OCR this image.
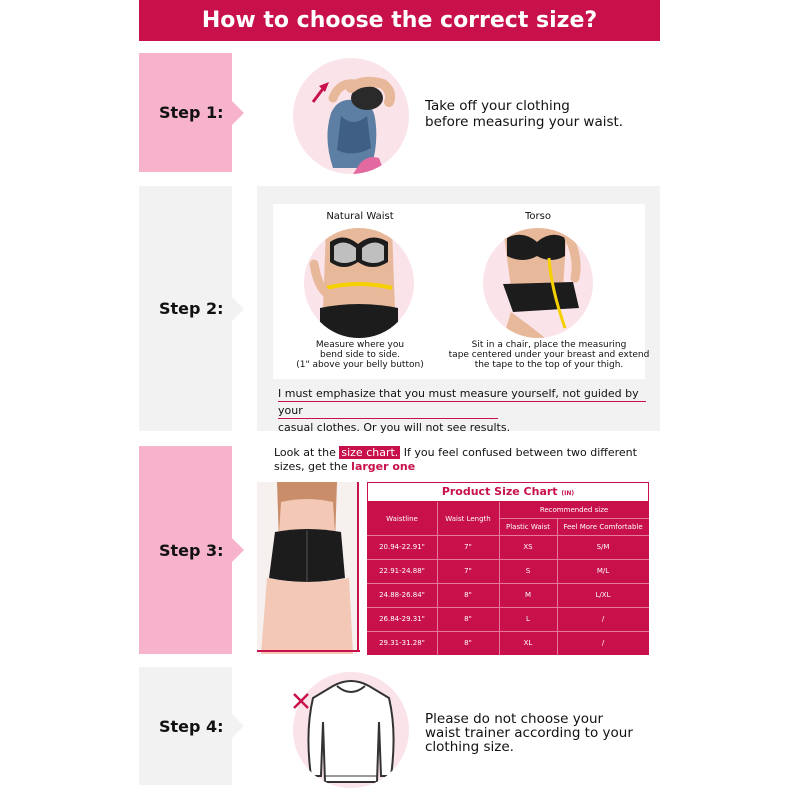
How to choose the correct size?
Step 1:	Take off your clothing
before measuring your waist.
Step 2:
Natural Waist
Measure where you
bend side to side.
(1" above your belly button)
Torso
Sit in a chair, place the measuring
tape centered under your breast and extend
the tape to the top of your thigh.
I must emphasize that you must measure yourself, not guided by your
casual clothes. Or you will not see results.
Step 3:
Look at the size chart. If you feel confused between two different
sizes, get the larger one
Product Size Chart (IN)
Waistline	Waist Length
Recommended size
Plastic Waist	Feel More Comfortable
20.94-22.91"	7"	XS	S/M
22.91-24.88"	7"	S	M/L
24.88-26.84"	8"	M	L/XL
26.84-29.31"	8"	L	/
29.31-31.28"	8"	XL	/
Step 4:	Please do not choose your
waist trainer according to your
clothing size.
